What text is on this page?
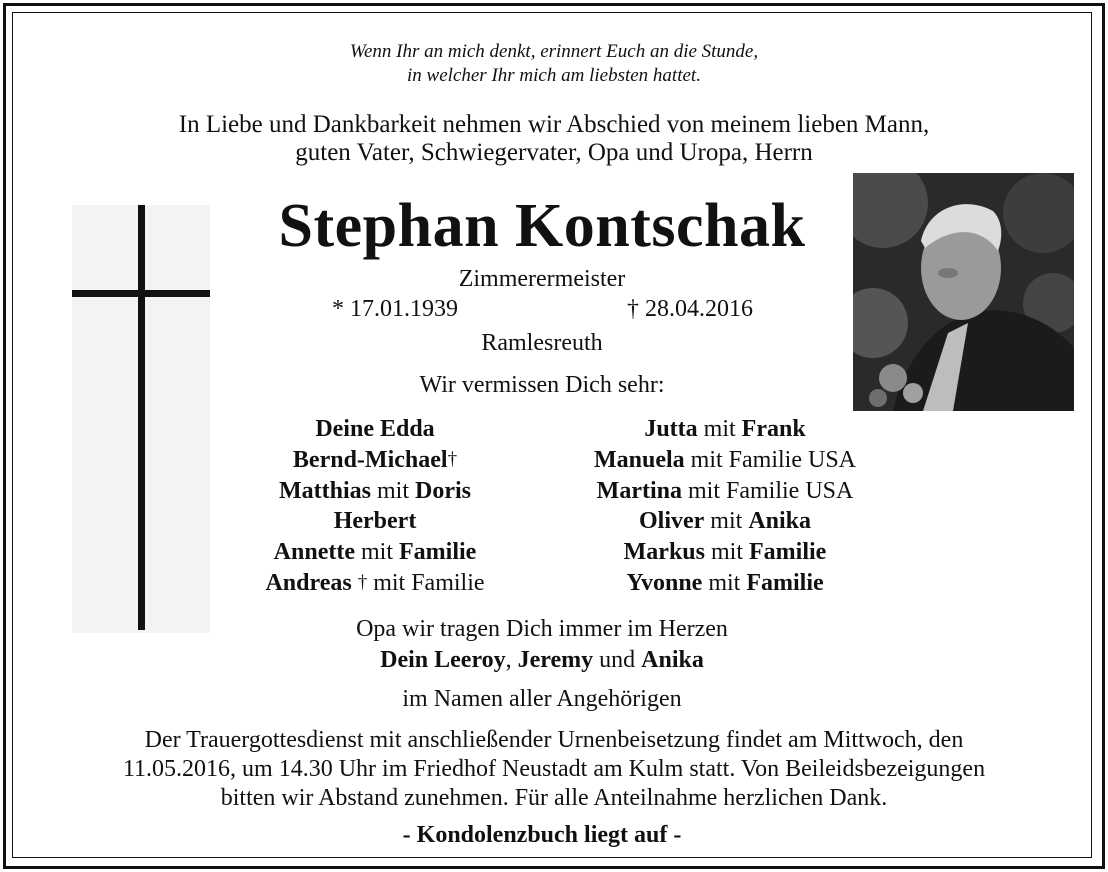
Wenn Ihr an mich denkt, erinnert Euch an die Stunde,
in welcher Ihr mich am liebsten hattet.
In Liebe und Dankbarkeit nehmen wir Abschied von meinem lieben Mann,
guten Vater, Schwiegervater, Opa und Uropa, Herrn
Stephan Kontschak
Zimmerermeister
* 17.01.1939	† 28.04.2016
Ramlesreuth
Wir vermissen Dich sehr:
Deine Edda
Bernd-Michael†
Matthias mit Doris
Herbert
Annette mit Familie
Andreas † mit Familie
Jutta mit Frank
Manuela mit Familie USA
Martina mit Familie USA
Oliver mit Anika
Markus mit Familie
Yvonne mit Familie
Opa wir tragen Dich immer im Herzen
Dein Leeroy, Jeremy und Anika
im Namen aller Angehörigen
Der Trauergottesdienst mit anschließender Urnenbeisetzung findet am Mittwoch, den
11.05.2016, um 14.30 Uhr im Friedhof Neustadt am Kulm statt. Von Beileidsbezeigungen
bitten wir Abstand zunehmen. Für alle Anteilnahme herzlichen Dank.
- Kondolenzbuch liegt auf -
